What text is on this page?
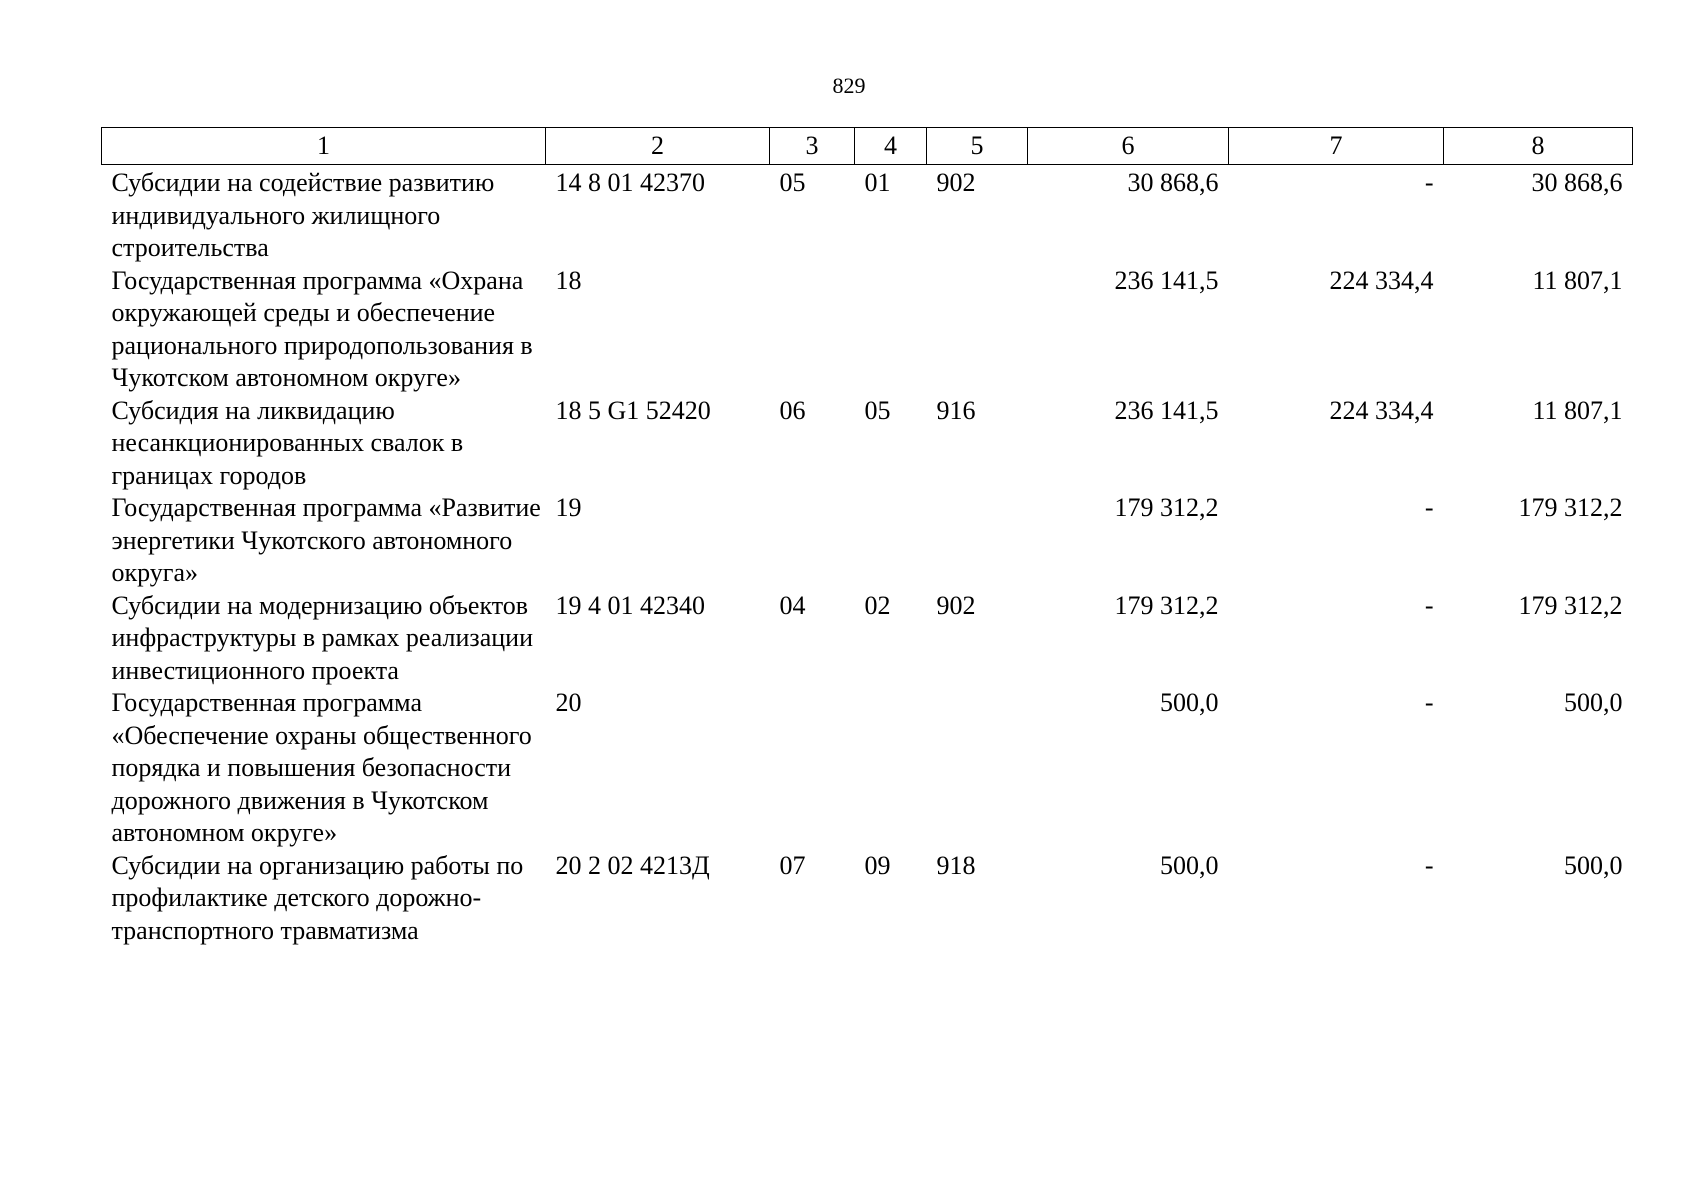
829
1	2	3	4	5	6	7	8
Субсидии на содействие развитию индивидуального жилищного строительства	14 8 01 42370	05	01	902	30 868,6	-	30 868,6
Государственная программа «Охрана окружающей среды и обеспечение рационального природопользования в Чукотском автономном округе»	18				236 141,5	224 334,4	11 807,1
Субсидия на ликвидацию несанкционированных свалок в границах городов	18 5 G1 52420	06	05	916	236 141,5	224 334,4	11 807,1
Государственная программа «Развитие энергетики Чукотского автономного округа»	19				179 312,2	-	179 312,2
Субсидии на модернизацию объектов инфраструктуры в рамках реализации инвестиционного проекта	19 4 01 42340	04	02	902	179 312,2	-	179 312,2
Государственная программа «Обеспечение охраны общественного порядка и повышения безопасности дорожного движения в Чукотском автономном округе»	20				500,0	-	500,0
Субсидии на организацию работы по профилактике детского дорожно-транспортного травматизма	20 2 02 4213Д	07	09	918	500,0	-	500,0
